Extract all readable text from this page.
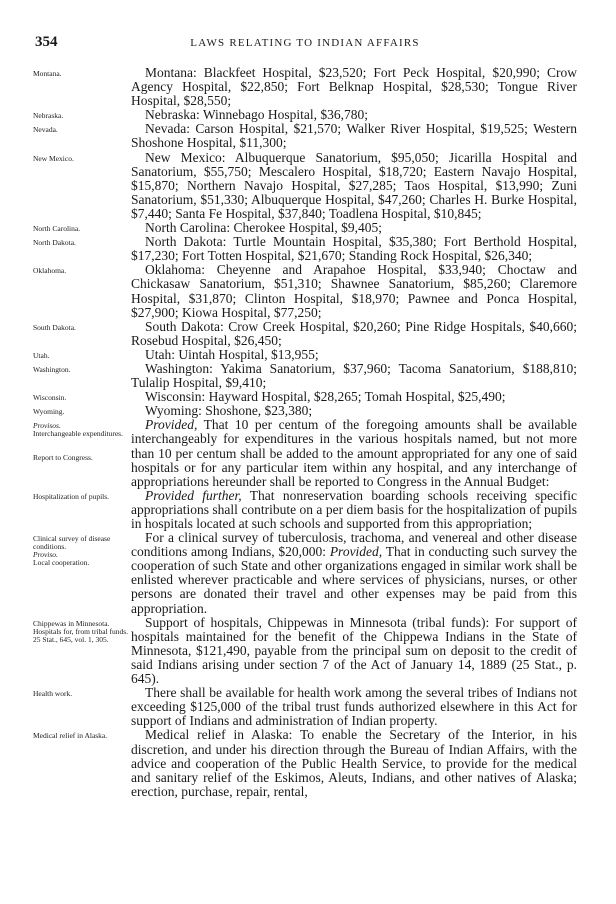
354	LAWS RELATING TO INDIAN AFFAIRS
Montana.	Montana: Blackfeet Hospital, $23,520; Fort Peck Hospital, $20,990; Crow Agency Hospital, $22,850; Fort Belknap Hospital, $28,530; Tongue River Hospital, $28,550;
Nebraska.	Nebraska: Winnebago Hospital, $36,780;
Nevada.	Nevada: Carson Hospital, $21,570; Walker River Hospital, $19,525; Western Shoshone Hospital, $11,300;
New Mexico.	New Mexico: Albuquerque Sanatorium, $95,050; Jicarilla Hospital and Sanatorium, $55,750; Mescalero Hospital, $18,720; Eastern Navajo Hospital, $15,870; Northern Navajo Hospital, $27,285; Taos Hospital, $13,990; Zuni Sanatorium, $51,330; Albuquerque Hospital, $47,260; Charles H. Burke Hospital, $7,440; Santa Fe Hospital, $37,840; Toadlena Hospital, $10,845;
North Carolina.	North Carolina: Cherokee Hospital, $9,405;
North Dakota.	North Dakota: Turtle Mountain Hospital, $35,380; Fort Berthold Hospital, $17,230; Fort Totten Hospital, $21,670; Standing Rock Hospital, $26,340;
Oklahoma.	Oklahoma: Cheyenne and Arapahoe Hospital, $33,940; Choctaw and Chickasaw Sanatorium, $51,310; Shawnee Sanatorium, $85,260; Claremore Hospital, $31,870; Clinton Hospital, $18,970; Pawnee and Ponca Hospital, $27,900; Kiowa Hospital, $77,250;
South Dakota.	South Dakota: Crow Creek Hospital, $20,260; Pine Ridge Hospitals, $40,660; Rosebud Hospital, $26,450;
Utah.	Utah: Uintah Hospital, $13,955;
Washington.	Washington: Yakima Sanatorium, $37,960; Tacoma Sanatorium, $188,810; Tulalip Hospital, $9,410;
Wisconsin.	Wisconsin: Hayward Hospital, $28,265; Tomah Hospital, $25,490;
Wyoming.	Wyoming: Shoshone, $23,380;
Provisos.
Interchangeable expenditures.

Report to Congress.
Provided, That 10 per centum of the foregoing amounts shall be available interchangeably for expenditures in the various hospitals named, but not more than 10 per centum shall be added to the amount appropriated for any one of said hospitals or for any particular item within any hospital, and any interchange of appropriations hereunder shall be reported to Congress in the Annual Budget:
Hospitalization of pupils.	Provided further, That nonreservation boarding schools receiving specific appropriations shall contribute on a per diem basis for the hospitalization of pupils in hospitals located at such schools and supported from this appropriation;
Clinical survey of disease conditions.
Proviso.
Local cooperation.
For a clinical survey of tuberculosis, trachoma, and venereal and other disease conditions among Indians, $20,000: Provided, That in conducting such survey the cooperation of such State and other organizations engaged in similar work shall be enlisted wherever practicable and where services of physicians, nurses, or other persons are donated their travel and other expenses may be paid from this appropriation.
Chippewas in Minnesota.
Hospitals for, from tribal funds.
25 Stat., 645, vol. 1, 305.
Support of hospitals, Chippewas in Minnesota (tribal funds): For support of hospitals maintained for the benefit of the Chippewa Indians in the State of Minnesota, $121,490, payable from the principal sum on deposit to the credit of said Indians arising under section 7 of the Act of January 14, 1889 (25 Stat., p. 645).
Health work.	There shall be available for health work among the several tribes of Indians not exceeding $125,000 of the tribal trust funds authorized elsewhere in this Act for support of Indians and administration of Indian property.
Medical relief in Alaska.	Medical relief in Alaska: To enable the Secretary of the Interior, in his discretion, and under his direction through the Bureau of Indian Affairs, with the advice and cooperation of the Public Health Service, to provide for the medical and sanitary relief of the Eskimos, Aleuts, Indians, and other natives of Alaska; erection, purchase, repair, rental,
